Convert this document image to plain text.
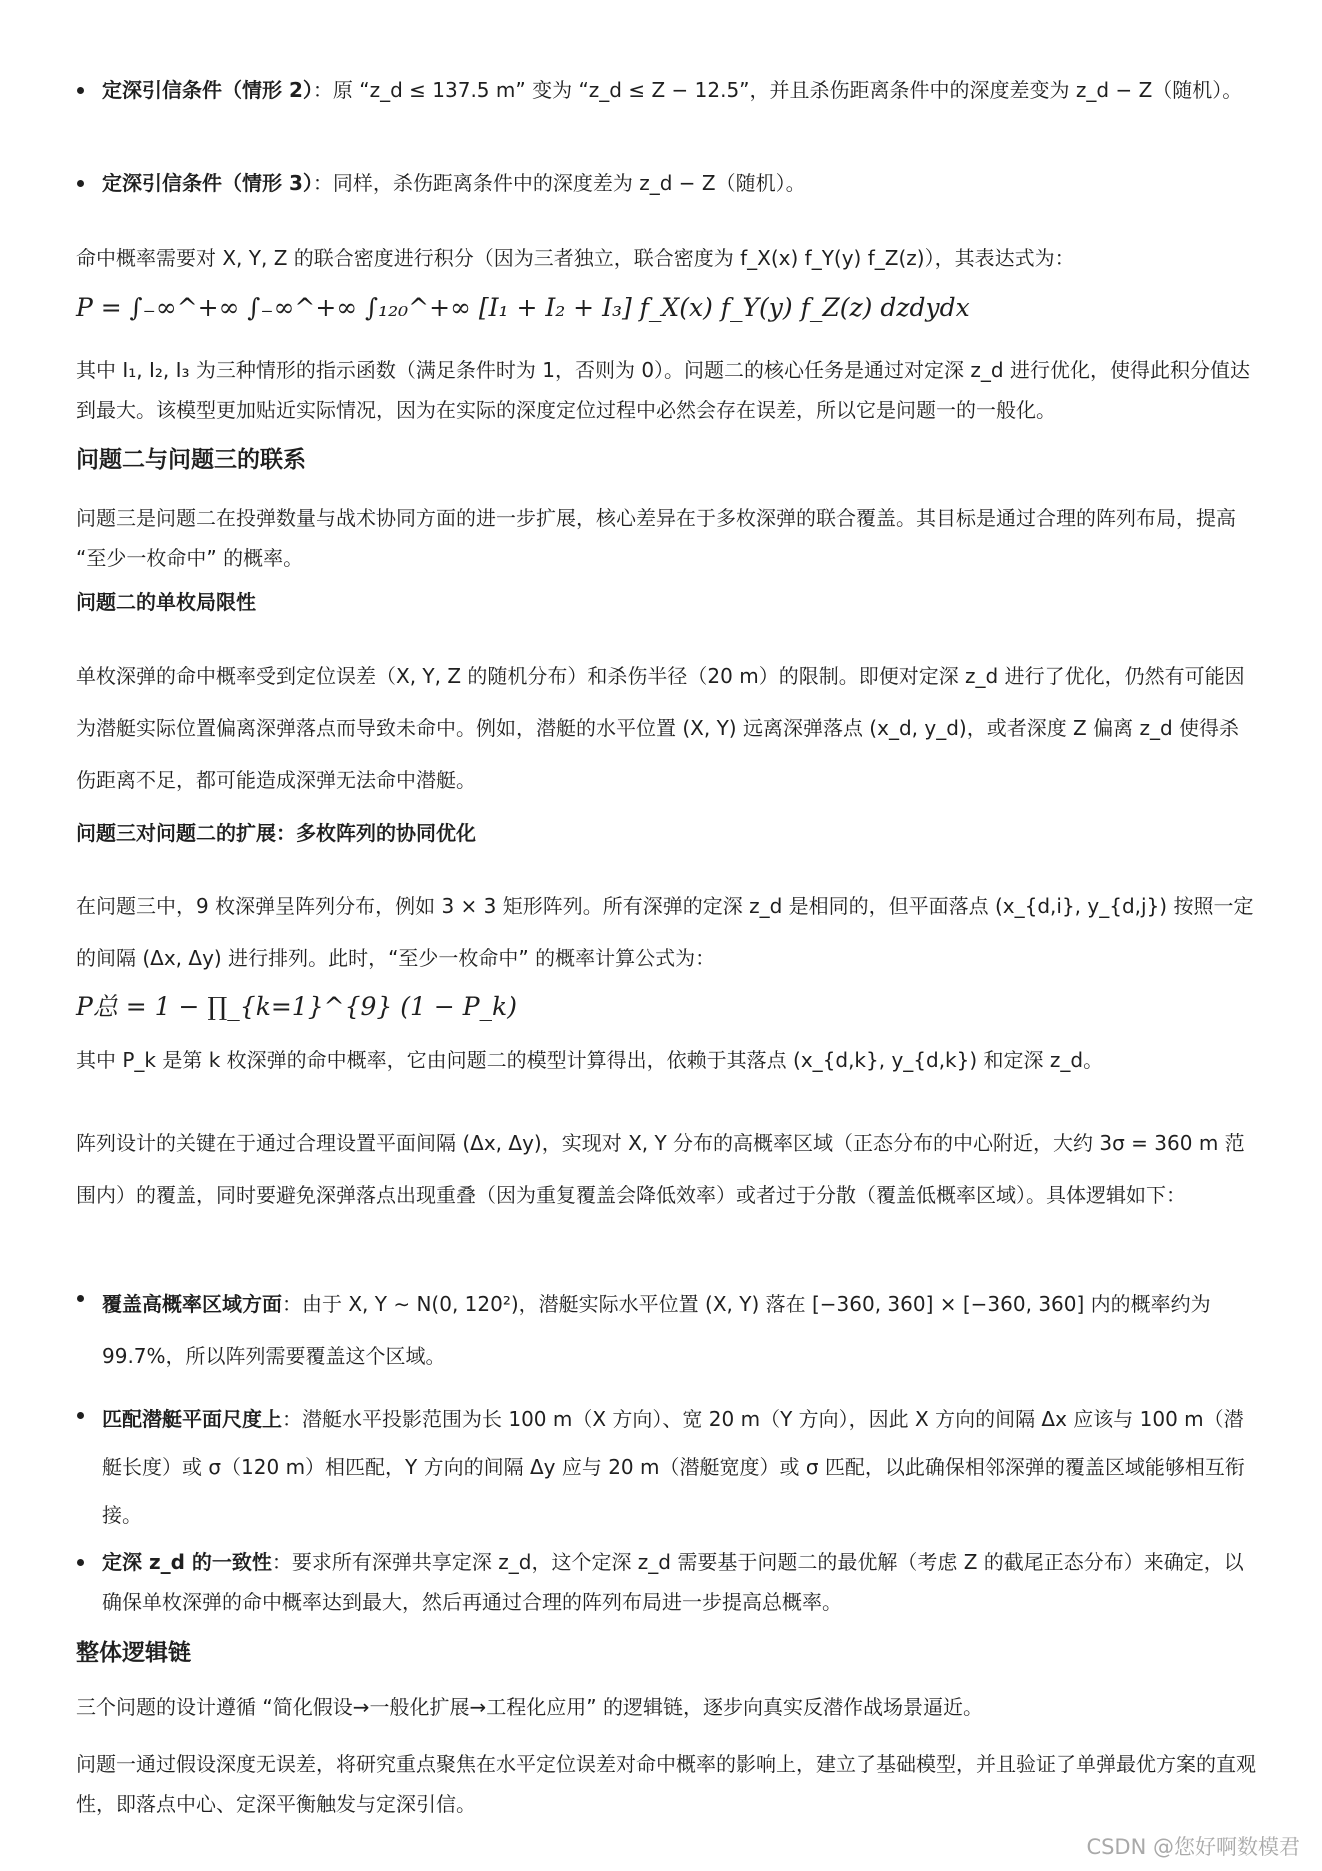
定深引信条件（情形 2）：原 “z_d ≤ 137.5 m” 变为 “z_d ≤ Z − 12.5”，并且杀伤距离条件中的深度差变为 z_d − Z（随机）。
定深引信条件（情形 3）：同样，杀伤距离条件中的深度差为 z_d − Z（随机）。
命中概率需要对 X, Y, Z 的联合密度进行积分（因为三者独立，联合密度为 f_X(x) f_Y(y) f_Z(z)），其表达式为：
P = ∫₋∞^+∞ ∫₋∞^+∞ ∫₁₂₀^+∞ [I₁ + I₂ + I₃] f_X(x) f_Y(y) f_Z(z) dzdydx
其中 I₁, I₂, I₃ 为三种情形的指示函数（满足条件时为 1，否则为 0）。问题二的核心任务是通过对定深 z_d 进行优化，使得此积分值达到最大。该模型更加贴近实际情况，因为在实际的深度定位过程中必然会存在误差，所以它是问题一的一般化。
问题二与问题三的联系
问题三是问题二在投弹数量与战术协同方面的进一步扩展，核心差异在于多枚深弹的联合覆盖。其目标是通过合理的阵列布局，提高 “至少一枚命中” 的概率。
问题二的单枚局限性
单枚深弹的命中概率受到定位误差（X, Y, Z 的随机分布）和杀伤半径（20 m）的限制。即便对定深 z_d 进行了优化，仍然有可能因为潜艇实际位置偏离深弹落点而导致未命中。例如，潜艇的水平位置 (X, Y) 远离深弹落点 (x_d, y_d)，或者深度 Z 偏离 z_d 使得杀伤距离不足，都可能造成深弹无法命中潜艇。
问题三对问题二的扩展：多枚阵列的协同优化
在问题三中，9 枚深弹呈阵列分布，例如 3 × 3 矩形阵列。所有深弹的定深 z_d 是相同的，但平面落点 (x_{d,i}, y_{d,j}) 按照一定的间隔 (Δx, Δy) 进行排列。此时，“至少一枚命中” 的概率计算公式为：
P总 = 1 − ∏_{k=1}^{9} (1 − P_k)
其中 P_k 是第 k 枚深弹的命中概率，它由问题二的模型计算得出，依赖于其落点 (x_{d,k}, y_{d,k}) 和定深 z_d。
阵列设计的关键在于通过合理设置平面间隔 (Δx, Δy)，实现对 X, Y 分布的高概率区域（正态分布的中心附近，大约 3σ = 360 m 范围内）的覆盖，同时要避免深弹落点出现重叠（因为重复覆盖会降低效率）或者过于分散（覆盖低概率区域）。具体逻辑如下：
覆盖高概率区域方面：由于 X, Y ∼ N(0, 120²)，潜艇实际水平位置 (X, Y) 落在 [−360, 360] × [−360, 360] 内的概率约为 99.7%，所以阵列需要覆盖这个区域。
匹配潜艇平面尺度上：潜艇水平投影范围为长 100 m（X 方向）、宽 20 m（Y 方向），因此 X 方向的间隔 Δx 应该与 100 m（潜艇长度）或 σ（120 m）相匹配，Y 方向的间隔 Δy 应与 20 m（潜艇宽度）或 σ 匹配，以此确保相邻深弹的覆盖区域能够相互衔接。
定深 z_d 的一致性：要求所有深弹共享定深 z_d，这个定深 z_d 需要基于问题二的最优解（考虑 Z 的截尾正态分布）来确定，以确保单枚深弹的命中概率达到最大，然后再通过合理的阵列布局进一步提高总概率。
整体逻辑链
三个问题的设计遵循 “简化假设→一般化扩展→工程化应用” 的逻辑链，逐步向真实反潜作战场景逼近。
问题一通过假设深度无误差，将研究重点聚焦在水平定位误差对命中概率的影响上，建立了基础模型，并且验证了单弹最优方案的直观性，即落点中心、定深平衡触发与定深引信。
CSDN @您好啊数模君
